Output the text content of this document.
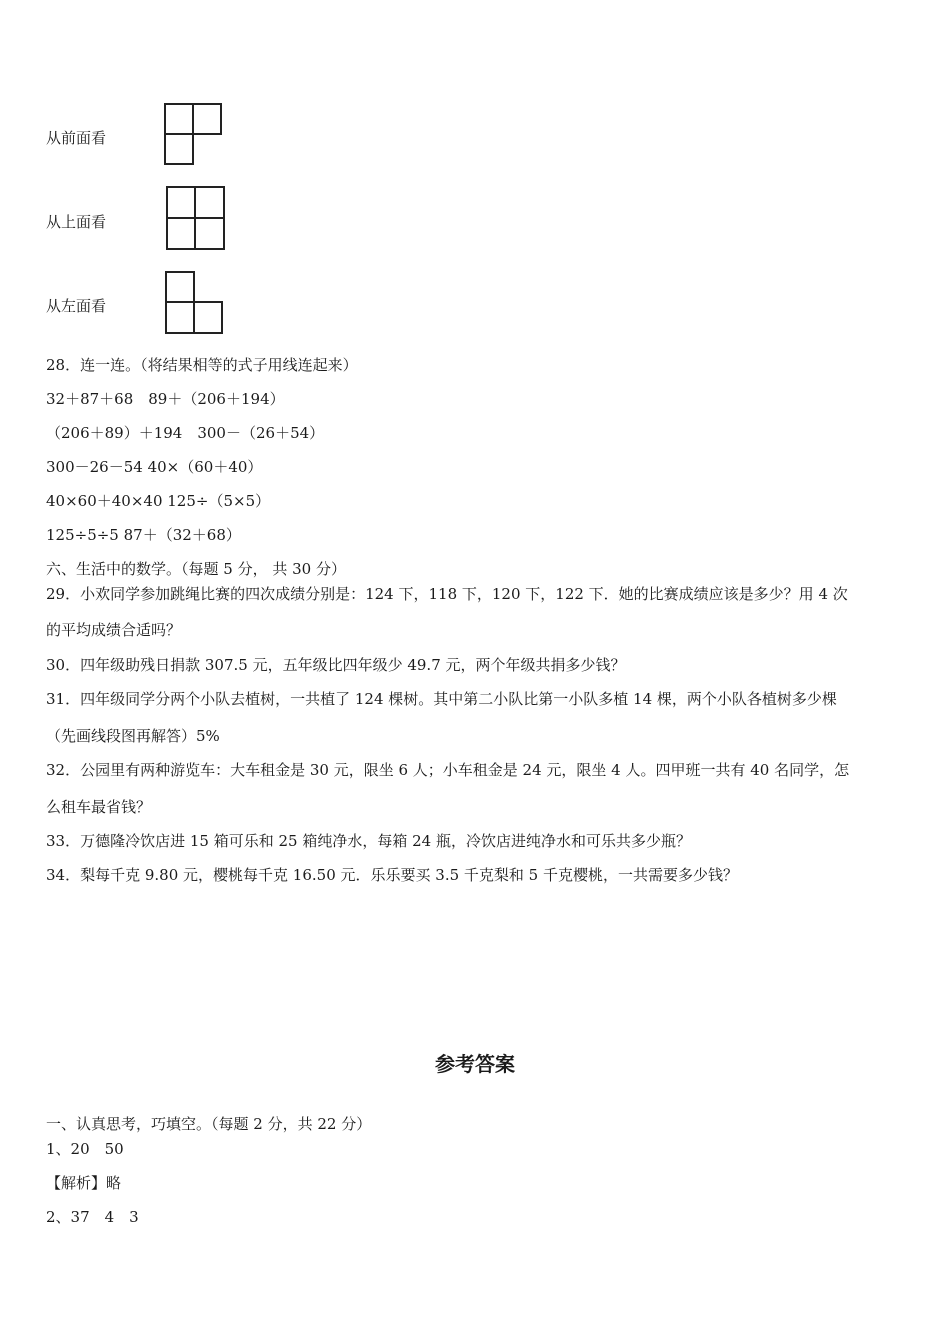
从前面看
从上面看
从左面看
28．连一连。（将结果相等的式子用线连起来）
32＋87＋68　89＋（206＋194）
（206＋89）＋194　300－（26＋54）
300－26－54 40×（60＋40）
40×60＋40×40 125÷（5×5）
125÷5÷5 87＋（32＋68）
六、生活中的数学。（每题 5 分， 共 30 分）
29．小欢同学参加跳绳比赛的四次成绩分别是：124 下，118 下，120 下，122 下．她的比赛成绩应该是多少？用 4 次
的平均成绩合适吗？
30．四年级助残日捐款 307.5 元，五年级比四年级少 49.7 元，两个年级共捐多少钱？
31．四年级同学分两个小队去植树，一共植了 124 棵树。其中第二小队比第一小队多植 14 棵，两个小队各植树多少棵
（先画线段图再解答）5%
32．公园里有两种游览车：大车租金是 30 元，限坐 6 人；小车租金是 24 元，限坐 4 人。四甲班一共有 40 名同学，怎
么租车最省钱？
33．万德隆冷饮店进 15 箱可乐和 25 箱纯净水，每箱 24 瓶，冷饮店进纯净水和可乐共多少瓶？
34．梨每千克 9.80 元，樱桃每千克 16.50 元．乐乐要买 3.5 千克梨和 5 千克樱桃，一共需要多少钱？
参考答案
一、认真思考，巧填空。（每题 2 分，共 22 分）
1、20　50
【解析】略
2、37　4　3
